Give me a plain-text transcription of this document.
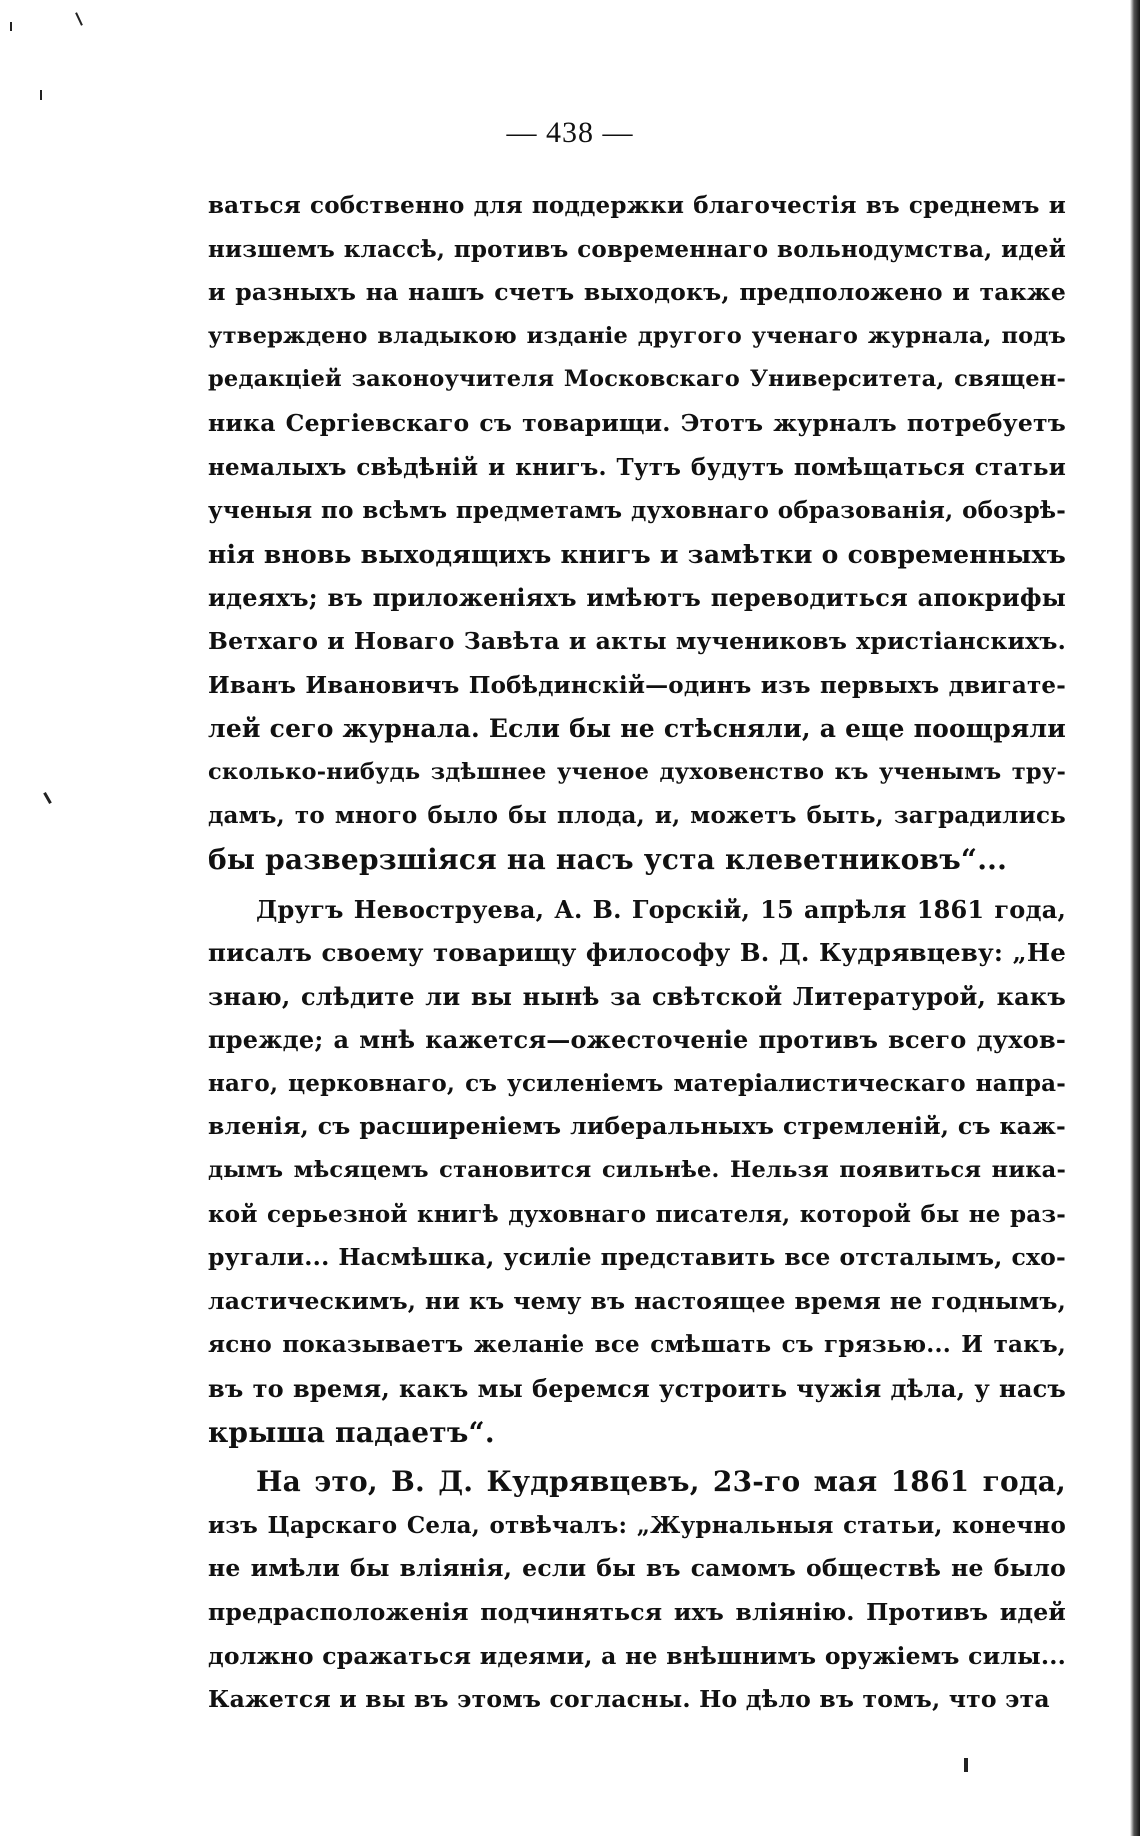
— 438 —
ваться собственно для поддержки благочестія въ среднемъ и
низшемъ классѣ, противъ современнаго вольнодумства, идей
и разныхъ на нашъ счетъ выходокъ, предположено и также
утверждено владыкою изданіе другого ученаго журнала, подъ
редакціей законоучителя Московскаго Университета, священ-
ника Сергіевскаго съ товарищи. Этотъ журналъ потребуетъ
немалыхъ свѣдѣній и книгъ. Тутъ будутъ помѣщаться статьи
ученыя по всѣмъ предметамъ духовнаго образованія, обозрѣ-
нія вновь выходящихъ книгъ и замѣтки о современныхъ
идеяхъ; въ приложеніяхъ имѣютъ переводиться апокрифы
Ветхаго и Новаго Завѣта и акты мучениковъ христіанскихъ.
Иванъ Ивановичъ Побѣдинскій—одинъ изъ первыхъ двигате-
лей сего журнала. Если бы не стѣсняли, а еще поощряли
сколько-нибудь здѣшнее ученое духовенство къ ученымъ тру-
дамъ, то много было бы плода, и, можетъ быть, заградились
бы разверзшіяся на насъ уста клеветниковъ“...
Другъ Невоструева, А. В. Горскій, 15 апрѣля 1861 года,
писалъ своему товарищу философу В. Д. Кудрявцеву: „Не
знаю, слѣдите ли вы нынѣ за свѣтской Литературой, какъ
прежде; а мнѣ кажется—ожесточеніе противъ всего духов-
наго, церковнаго, съ усиленіемъ матеріалистическаго напра-
вленія, съ расширеніемъ либеральныхъ стремленій, съ каж-
дымъ мѣсяцемъ становится сильнѣе. Нельзя появиться ника-
кой серьезной книгѣ духовнаго писателя, которой бы не раз-
ругали... Насмѣшка, усиліе представить все отсталымъ, схо-
ластическимъ, ни къ чему въ настоящее время не годнымъ,
ясно показываетъ желаніе все смѣшать съ грязью... И такъ,
въ то время, какъ мы беремся устроить чужія дѣла, у насъ
крыша падаетъ“.
На это, В. Д. Кудрявцевъ, 23-го мая 1861 года,
изъ Царскаго Села, отвѣчалъ: „Журнальныя статьи, конечно
не имѣли бы вліянія, если бы въ самомъ обществѣ не было
предрасположенія подчиняться ихъ вліянію. Противъ идей
должно сражаться идеями, а не внѣшнимъ оружіемъ силы...
Кажется и вы въ этомъ согласны. Но дѣло въ томъ, что эта
